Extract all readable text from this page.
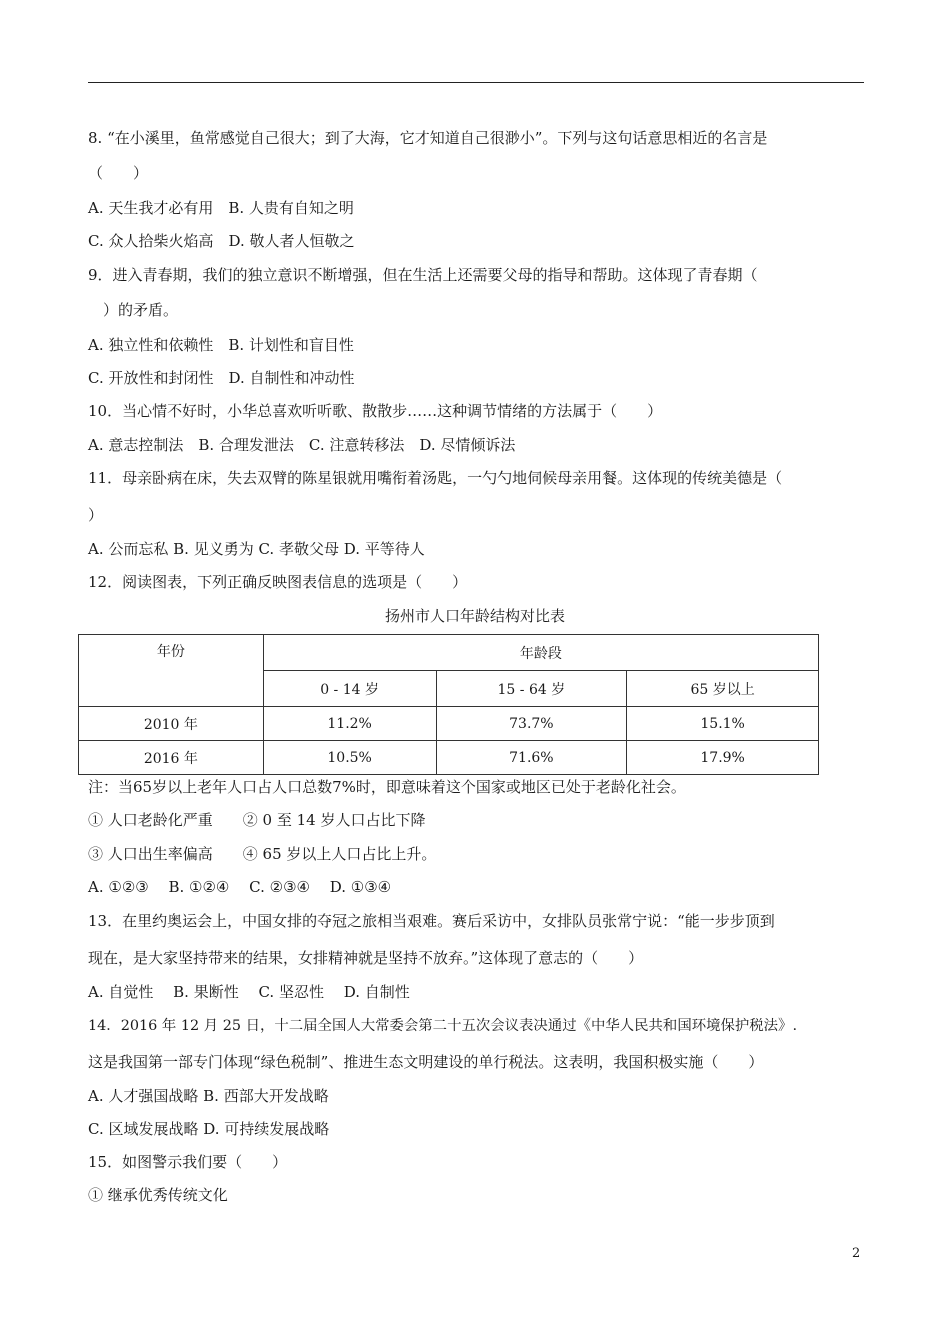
8. “在小溪里，鱼常感觉自己很大；到了大海，它才知道自己很渺小”。下列与这句话意思相近的名言是
（　　）
A. 天生我才必有用　B. 人贵有自知之明
C. 众人拾柴火焰高　D. 敬人者人恒敬之
9．进入青春期，我们的独立意识不断增强，但在生活上还需要父母的指导和帮助。这体现了青春期（
　）的矛盾。
A. 独立性和依赖性　B. 计划性和盲目性
C. 开放性和封闭性　D. 自制性和冲动性
10．当心情不好时，小华总喜欢听听歌、散散步……这种调节情绪的方法属于（　　）
A. 意志控制法　B. 合理发泄法　C. 注意转移法　D. 尽情倾诉法
11．母亲卧病在床，失去双臂的陈星银就用嘴衔着汤匙，一勺勺地伺候母亲用餐。这体现的传统美德是（
）
A. 公而忘私 B. 见义勇为 C. 孝敬父母 D. 平等待人
12．阅读图表，下列正确反映图表信息的选项是（　　）
扬州市人口年龄结构对比表
年份	年龄段		
	0 - 14 岁	15 - 64 岁	65 岁以上
2010 年	11.2%	73.7%	15.1%
2016 年	10.5%	71.6%	17.9%
注：当65岁以上老年人口占人口总数7%时，即意味着这个国家或地区已处于老龄化社会。
① 人口老龄化严重　　② 0 至 14 岁人口占比下降
③ 人口出生率偏高　　④ 65 岁以上人口占比上升。
A. ①②③　 B. ①②④　 C. ②③④　 D. ①③④
13．在里约奥运会上，中国女排的夺冠之旅相当艰难。赛后采访中，女排队员张常宁说：“能一步步顶到
现在，是大家坚持带来的结果，女排精神就是坚持不放弃。”这体现了意志的（　　）
A. 自觉性　 B. 果断性　 C. 坚忍性　 D. 自制性
14．2016 年 12 月 25 日，十二届全国人大常委会第二十五次会议表决通过《中华人民共和国环境保护税法》.
这是我国第一部专门体现“绿色税制”、推进生态文明建设的单行税法。这表明，我国积极实施（　　）
A. 人才强国战略 B. 西部大开发战略
C. 区域发展战略 D. 可持续发展战略
15．如图警示我们要（　　）
① 继承优秀传统文化
2
